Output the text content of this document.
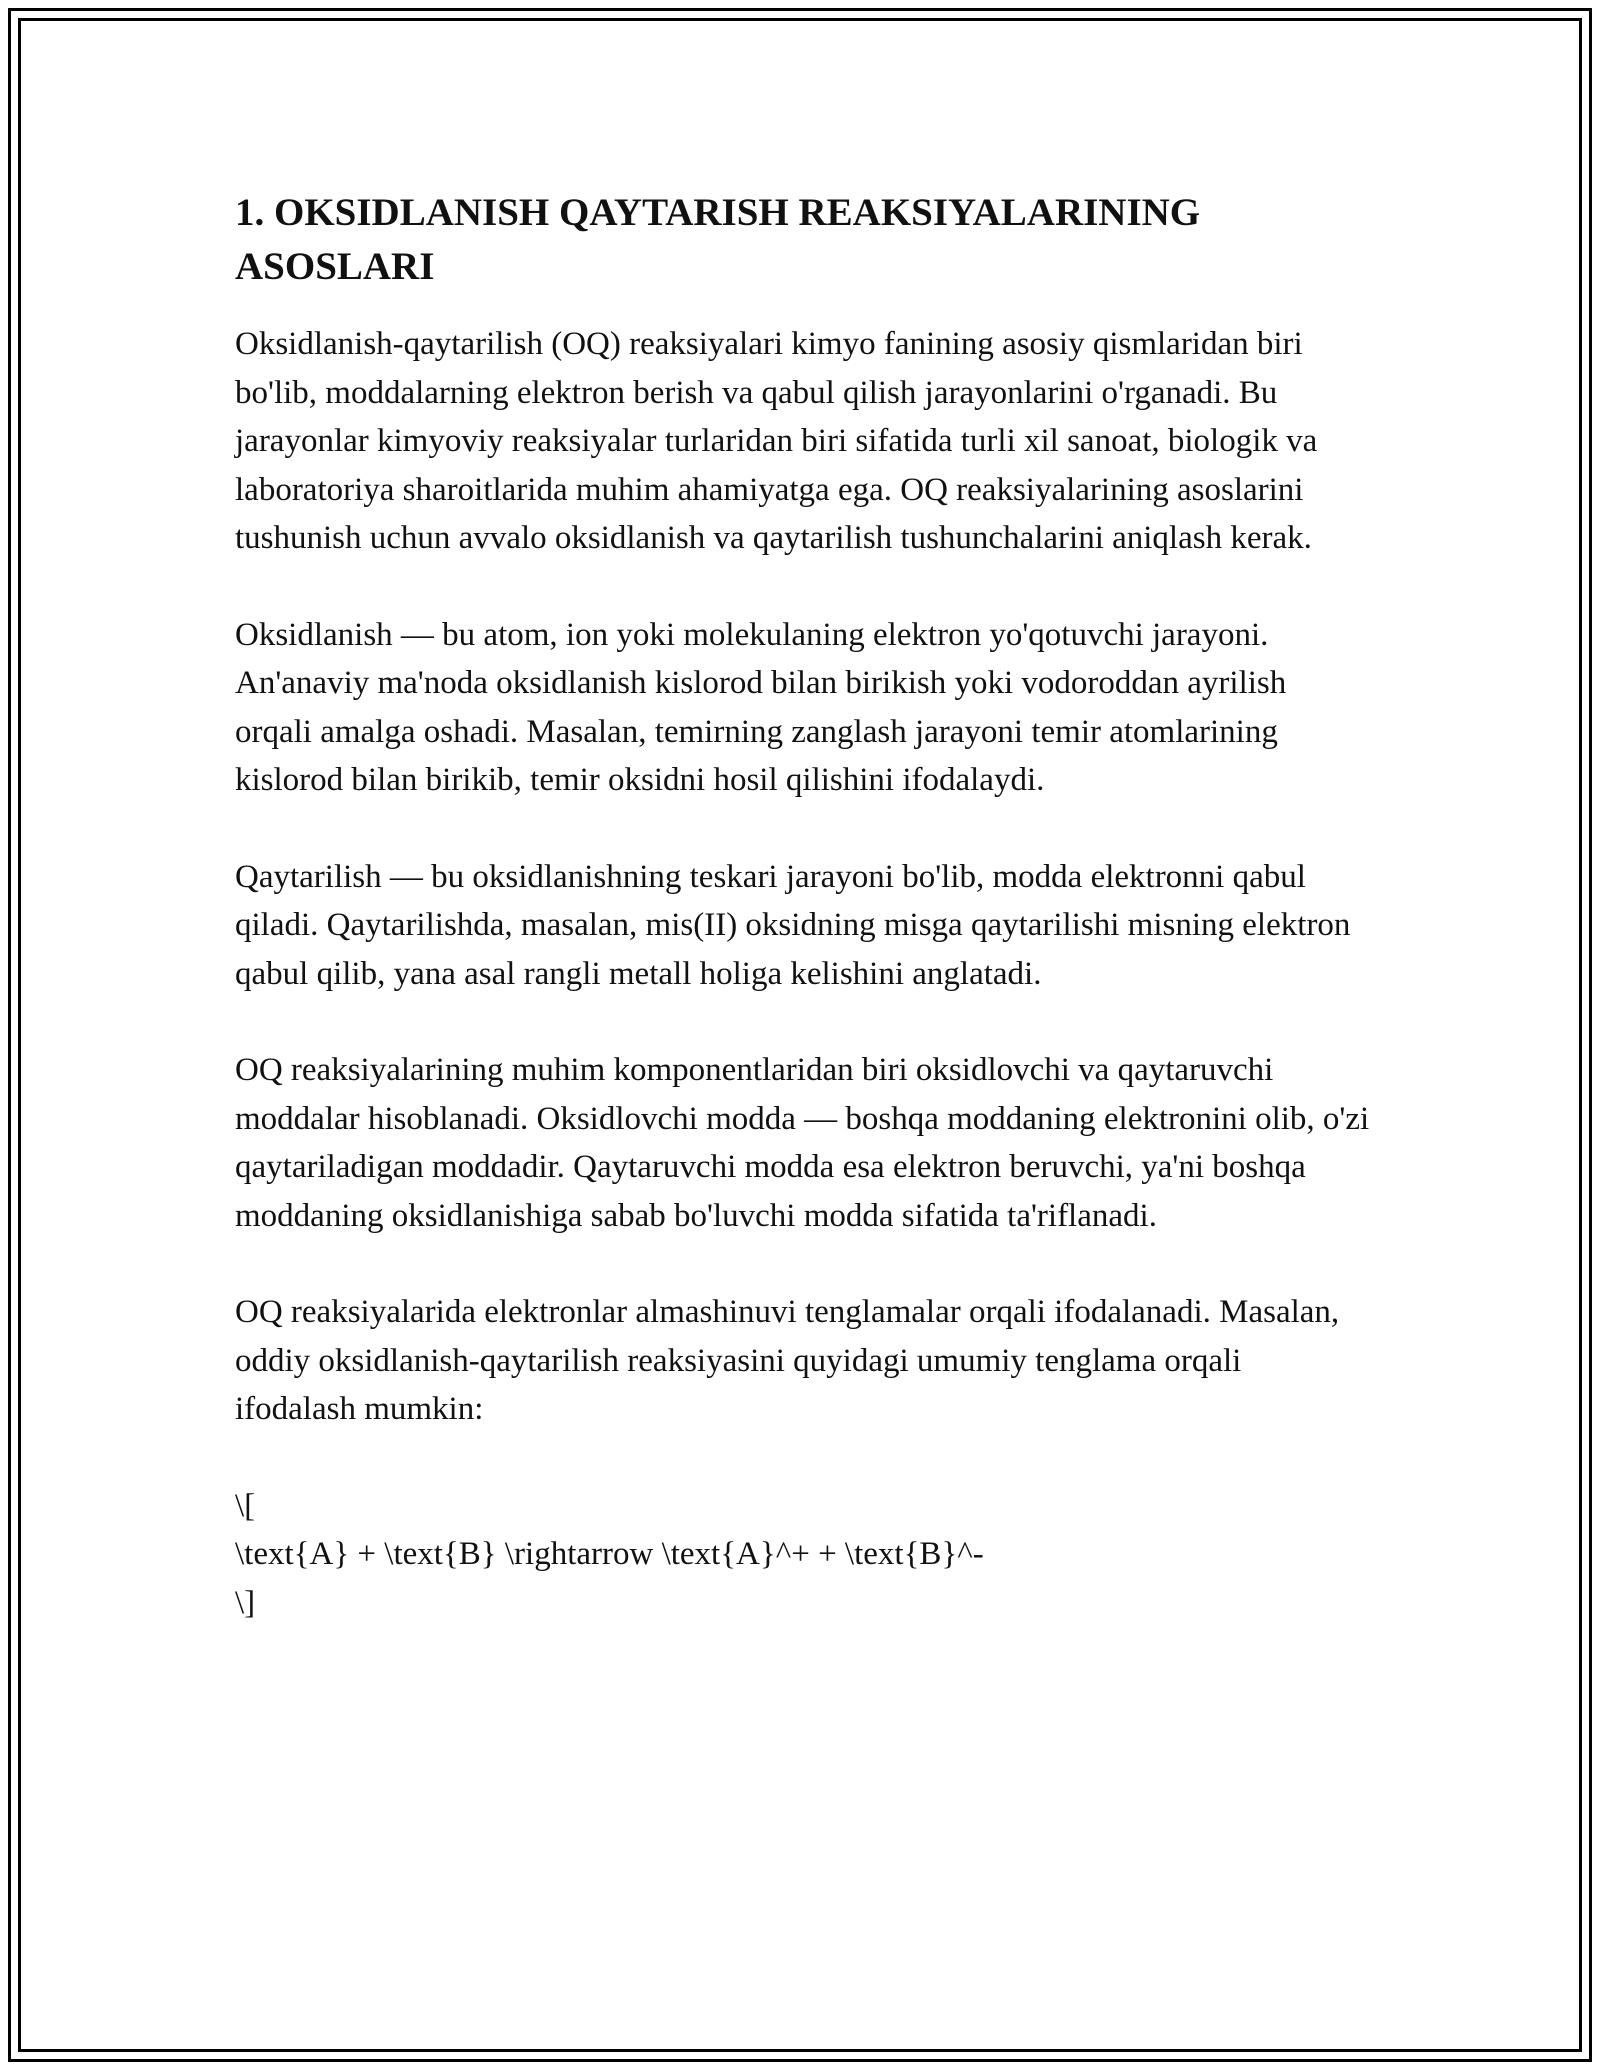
1. OKSIDLANISH QAYTARISH REAKSIYALARINING ASOSLARI

Oksidlanish-qaytarilish (OQ) reaksiyalari kimyo fanining asosiy qismlaridan biri bo'lib, moddalarning elektron berish va qabul qilish jarayonlarini o'rganadi. Bu jarayonlar kimyoviy reaksiyalar turlaridan biri sifatida turli xil sanoat, biologik va laboratoriya sharoitlarida muhim ahamiyatga ega. OQ reaksiyalarining asoslarini tushunish uchun avvalo oksidlanish va qaytarilish tushunchalarini aniqlash kerak.

Oksidlanish — bu atom, ion yoki molekulaning elektron yo'qotuvchi jarayoni. An'anaviy ma'noda oksidlanish kislorod bilan birikish yoki vodoroddan ayrilish orqali amalga oshadi. Masalan, temirning zanglash jarayoni temir atomlarining kislorod bilan birikib, temir oksidni hosil qilishini ifodalaydi.

Qaytarilish — bu oksidlanishning teskari jarayoni bo'lib, modda elektronni qabul qiladi. Qaytarilishda, masalan, mis(II) oksidning misga qaytarilishi misning elektron qabul qilib, yana asal rangli metall holiga kelishini anglatadi.

OQ reaksiyalarining muhim komponentlaridan biri oksidlovchi va qaytaruvchi moddalar hisoblanadi. Oksidlovchi modda — boshqa moddaning elektronini olib, o'zi qaytariladigan moddadir. Qaytaruvchi modda esa elektron beruvchi, ya'ni boshqa moddaning oksidlanishiga sabab bo'luvchi modda sifatida ta'riflanadi.

OQ reaksiyalarida elektronlar almashinuvi tenglamalar orqali ifodalanadi. Masalan, oddiy oksidlanish-qaytarilish reaksiyasini quyidagi umumiy tenglama orqali ifodalash mumkin:

\[
\text{A} + \text{B} \rightarrow \text{A}^+ + \text{B}^-
\]
